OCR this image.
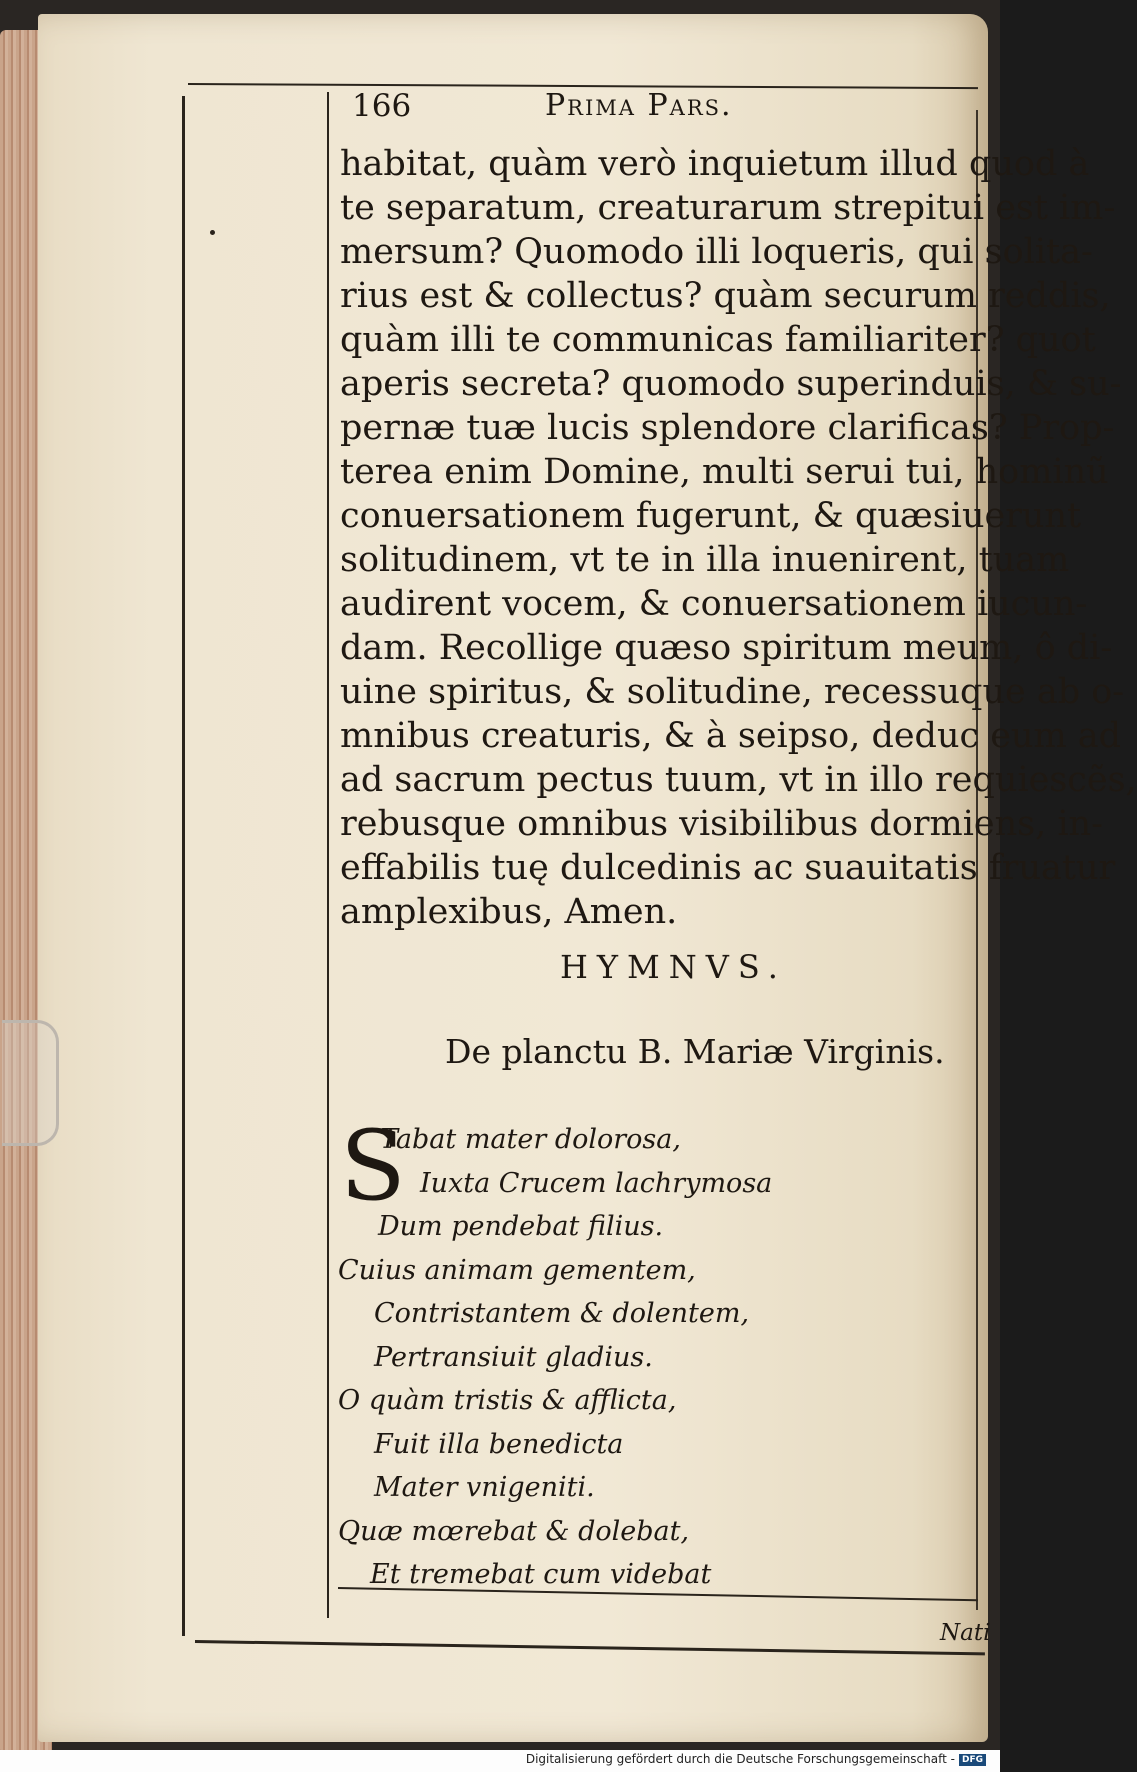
166	Prima Pars.
habitat, quàm verò inquietum illud quod à
te separatum, creaturarum strepitui est im-
mersum? Quomodo illi loqueris, qui solita-
rius est & collectus? quàm securum reddis,
quàm illi te communicas familiariter? quot
aperis secreta? quomodo superinduis, & su-
pernæ tuæ lucis splendore clarificas? Prop-
terea enim Domine, multi serui tui, hominũ
conuersationem fugerunt, & quæsiuerunt
solitudinem, vt te in illa inuenirent, tuam
audirent vocem, & conuersationem iucun-
dam. Recollige quæso spiritum meum, ô di-
uine spiritus, & solitudine, recessuque ab o-
mnibus creaturis, & à seipso, deduc eum ad
ad sacrum pectus tuum, vt in illo requiescẽs,
rebusque omnibus visibilibus dormiens, in-
effabilis tuę dulcedinis ac suauitatis fruatur
amplexibus, Amen.
HYMNVS.
De planctu B. Mariæ Virginis.
S
Tabat mater dolorosa,
Iuxta Crucem lachrymosa
Dum pendebat filius.
Cuius animam gementem,
Contristantem & dolentem,
Pertransiuit gladius.
O quàm tristis & afflicta,
Fuit illa benedicta
Mater vnigeniti.
Quæ mœrebat & dolebat,
Et tremebat cum videbat
Nati
Digitalisierung gefördert durch die Deutsche Forschungsgemeinschaft - DFG
